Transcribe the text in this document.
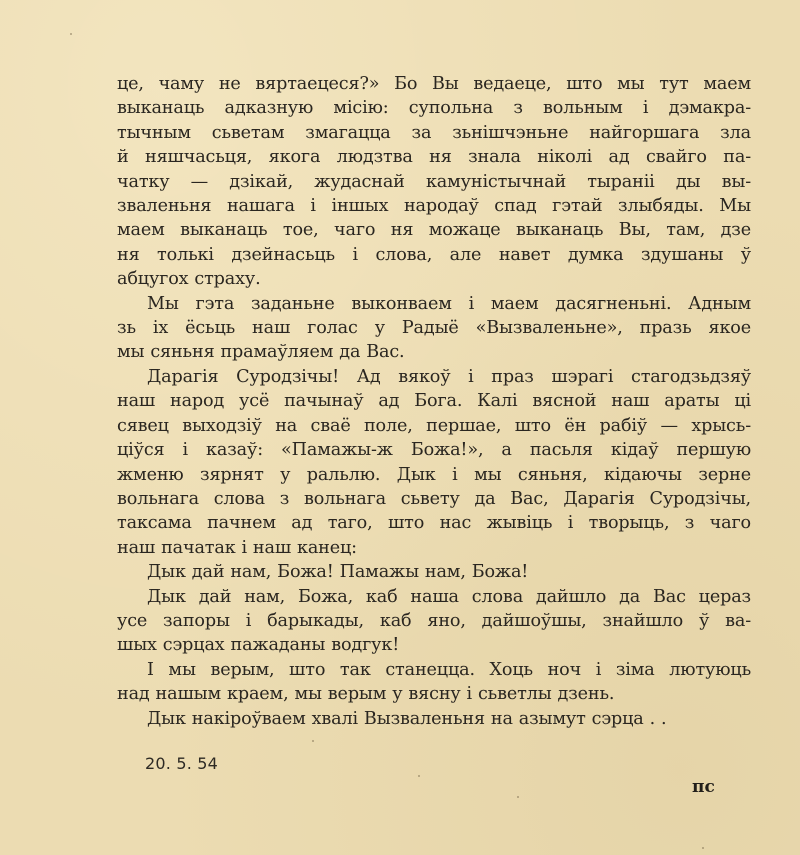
це, чаму не вяртаецеся?» Бо Вы ведаеце, што мы тут маем
выканаць адказную місію: супольна з вольным і дэмакра-
тычным сьветам змагацца за зьнішчэньне найгоршага зла
й няшчасьця, якога людзтва ня знала ніколі ад свайго па-
чатку — дзікай, жудаснай камуністычнай тыраніі ды вы-
зваленьня нашага і іншых народаў спад гэтай злыбяды. Мы
маем выканаць тое, чаго ня можаце выканаць Вы, там, дзе
ня толькі дзейнасьць і слова, але навет думка здушаны ў
абцугох страху.

Мы гэта заданьне выконваем і маем дасягненьні. Адным
зь іх ёсьць наш голас у Радыё «Вызваленьне», празь якое
мы сяньня прамаўляем да Вас.

Дарагія Суродзічы! Ад вякоў і праз шэрагі стагодзьдзяў
наш народ усё пачынаў ад Бога. Калі вясной наш араты ці
сявец выходзіў на сваё поле, першае, што ён рабіў — хрысь-
ціўся і казаў: «Памажы-ж Божа!», а пасьля кідаў першую
жменю зярнят у ральлю. Дык і мы сяньня, кідаючы зерне
вольнага слова з вольнага сьвету да Вас, Дарагія Суродзічы,
таксама пачнем ад таго, што нас жывіць і творыць, з чаго
наш пачатак і наш канец:

Дык дай нам, Божа! Памажы нам, Божа!

Дык дай нам, Божа, каб наша слова дайшло да Вас цераз
усе запоры і барыкады, каб яно, дайшоўшы, знайшло ў ва-
шых сэрцах пажаданы водгук!

І мы верым, што так станецца. Хоць ноч і зіма лютуюць
над нашым краем, мы верым у вясну і сьветлы дзень.

Дык накіроўваем хвалі Вызваленьня на азымут сэрца . .

20. 5. 54
пс
